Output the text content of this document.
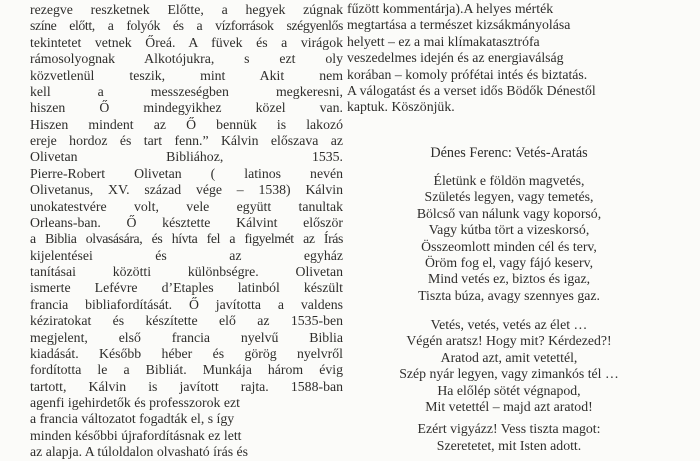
rezegve reszketnek Előtte, a hegyek zúgnak
színe előtt, a folyók és a vízforrások szégyenlős
tekintetet vetnek Őreá. A füvek és a virágok
rámosolyognak Alkotójukra, s ezt oly
közvetlenül teszik, mint Akit nem
kell a messzeségben megkeresni,
hiszen Ő mindegyikhez közel van.
Hiszen mindent az Ő bennük is lakozó
ereje hordoz és tart fenn.” Kálvin előszava az
Olivetan Bibliához, 1535.
Pierre-Robert Olivetan ( latinos nevén
Olivetanus, XV. század vége – 1538) Kálvin
unokatestvére volt, vele együtt tanultak
Orleans-ban. Ő késztette Kálvint először
a Biblia olvasására, és hívta fel a figyelmét az Írás
kijelentései és az egyház
tanításai közötti különbségre. Olivetan
ismerte Lefévre d’Etaples latinból készült
francia bibliafordítását. Ő javította a valdens
kéziratokat és készítette elő az 1535-ben
megjelent, első francia nyelvű Biblia
kiadását. Később héber és görög nyelvről
fordította le a Bibliát. Munkája három évig
tartott, Kálvin is javított rajta. 1588-ban
agenfi igehirdetők és professzorok ezt
a francia változatot fogadták el, s így
minden későbbi újrafordításnak ez lett
az alapja. A túloldalon olvasható írás és
fűzött kommentárja).A helyes mérték
megtartása a természet kizsákmányolása
helyett – ez a mai klímakatasztrófa
veszedelmes idején és az energiaválság
korában – komoly prófétai intés és biztatás.
A válogatást és a verset idős Bödők Dénestől
kaptuk. Köszönjük.
Dénes Ferenc: Vetés-Aratás
Életünk e földön magvetés,
Születés legyen, vagy temetés,
Bölcső van nálunk vagy koporsó,
Vagy kútba tört a vizeskorsó,
Összeomlott minden cél és terv,
Öröm fog el, vagy fájó keserv,
Mind vetés ez, biztos és igaz,
Tiszta búza, avagy szennyes gaz.
Vetés, vetés, vetés az élet …
Végén aratsz! Hogy mit? Kérdezed?!
Aratod azt, amit vetettél,
Szép nyár legyen, vagy zimankós tél …
Ha előlép sötét végnapod,
Mit vetettél – majd azt aratod!
Ezért vigyázz! Vess tiszta magot:
Szeretetet, mit Isten adott.
